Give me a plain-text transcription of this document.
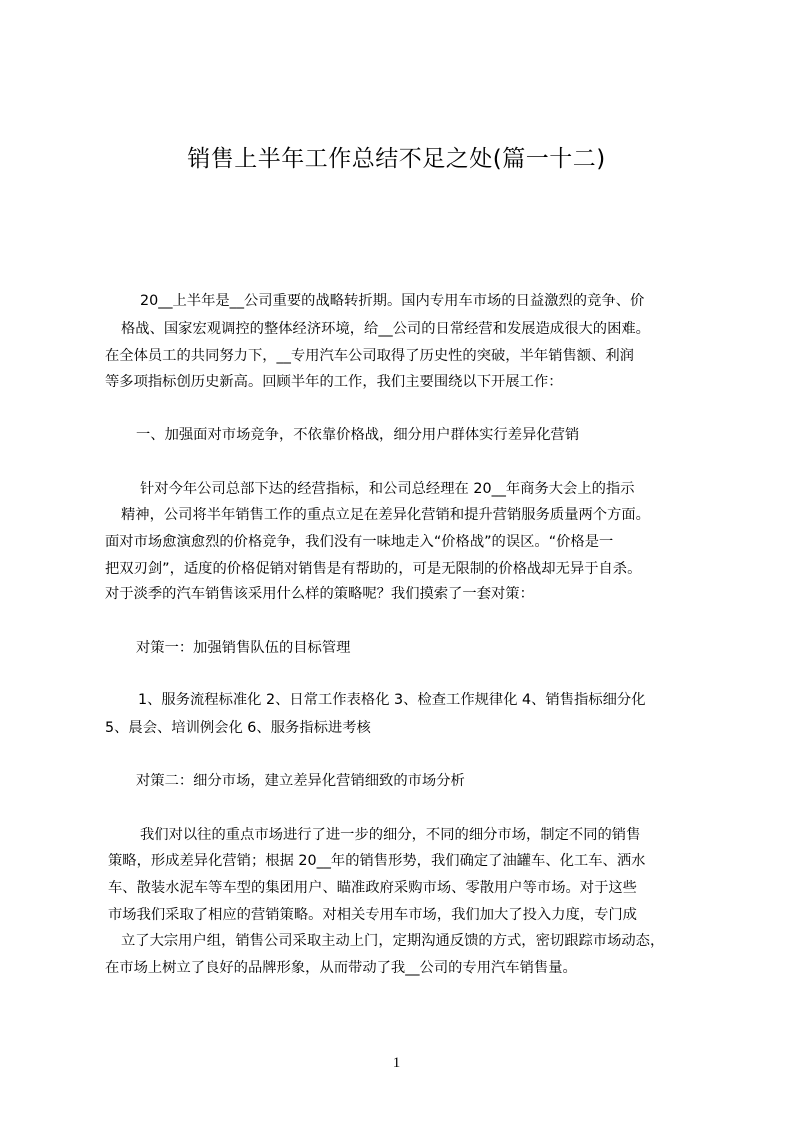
销售上半年工作总结不足之处(篇一十二)
20__上半年是__公司重要的战略转折期。国内专用车市场的日益激烈的竞争、价
格战、国家宏观调控的整体经济环境，给__公司的日常经营和发展造成很大的困难。
在全体员工的共同努力下，__专用汽车公司取得了历史性的突破，半年销售额、利润
等多项指标创历史新高。回顾半年的工作，我们主要围绕以下开展工作：
一、加强面对市场竞争，不依靠价格战，细分用户群体实行差异化营销
针对今年公司总部下达的经营指标，和公司总经理在 20__年商务大会上的指示
精神，公司将半年销售工作的重点立足在差异化营销和提升营销服务质量两个方面。
面对市场愈演愈烈的价格竞争，我们没有一味地走入“价格战”的误区。“价格是一
把双刃剑”，适度的价格促销对销售是有帮助的，可是无限制的价格战却无异于自杀。
对于淡季的汽车销售该采用什么样的策略呢？我们摸索了一套对策：
对策一：加强销售队伍的目标管理
1、服务流程标准化 2、日常工作表格化 3、检查工作规律化 4、销售指标细分化
5、晨会、培训例会化 6、服务指标进考核
对策二：细分市场，建立差异化营销细致的市场分析
我们对以往的重点市场进行了进一步的细分，不同的细分市场，制定不同的销售
策略，形成差异化营销；根据 20__年的销售形势，我们确定了油罐车、化工车、洒水
车、散装水泥车等车型的集团用户、瞄准政府采购市场、零散用户等市场。对于这些
市场我们采取了相应的营销策略。对相关专用车市场，我们加大了投入力度，专门成
立了大宗用户组，销售公司采取主动上门，定期沟通反馈的方式，密切跟踪市场动态，
在市场上树立了良好的品牌形象，从而带动了我__公司的专用汽车销售量。
1
